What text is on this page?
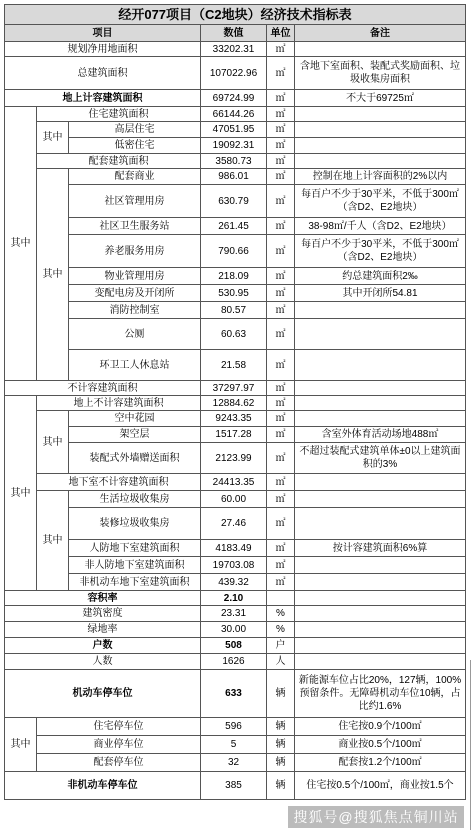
经开077项目（C2地块）经济技术指标表					
项目			数值	单位	备注
规划净用地面积			33202.31	㎡	
总建筑面积			107022.96	㎡	含地下室面积、装配式奖励面积、垃圾收集房面积
地上计容建筑面积			69724.99	㎡	不大于69725㎡
其中	住宅建筑面积		66144.26	㎡	
	其中	高层住宅	47051.95	㎡	
		低密住宅	19092.31	㎡	
	配套建筑面积		3580.73	㎡	
	其中	配套商业	986.01	㎡	控制在地上计容面积的2%以内
		社区管理用房	630.79	㎡	每百户不少于30平米，不低于300㎡（含D2、E2地块）
		社区卫生服务站	261.45	㎡	38-98㎡/千人（含D2、E2地块）
		养老服务用房	790.66	㎡	每百户不少于30平米，不低于300㎡（含D2、E2地块）
		物业管理用房	218.09	㎡	约总建筑面积2‰
		变配电房及开闭所	530.95	㎡	其中开闭所54.81
		消防控制室	80.57	㎡	
		公厕	60.63	㎡	
		环卫工人休息站	21.58	㎡	
不计容建筑面积			37297.97	㎡	
其中	地上不计容建筑面积		12884.62	㎡	
	其中	空中花园	9243.35	㎡	
		架空层	1517.28	㎡	含室外体育活动场地488㎡
		装配式外墙赠送面积	2123.99	㎡	不超过装配式建筑单体±0以上建筑面积的3%
	地下室不计容建筑面积		24413.35	㎡	
	其中	生活垃圾收集房	60.00	㎡	
		装修垃圾收集房	27.46	㎡	
		人防地下室建筑面积	4183.49	㎡	按计容建筑面积6%算
		非人防地下室建筑面积	19703.08	㎡	
		非机动车地下室建筑面积	439.32	㎡	
容积率			2.10		
建筑密度			23.31	%	
绿地率			30.00	%	
户数			508	户	
人数			1626	人	
机动车停车位			633	辆	新能源车位占比20%，127辆，100%预留条件。无障碍机动车位10辆，占比约1.6%
其中	住宅停车位		596	辆	住宅按0.9个/100㎡
	商业停车位		5	辆	商业按0.5个/100㎡
	配套停车位		32	辆	配套按1.2个/100㎡
非机动车停车位			385	辆	住宅按0.5个/100㎡，商业按1.5个
搜狐号@搜狐焦点铜川站
